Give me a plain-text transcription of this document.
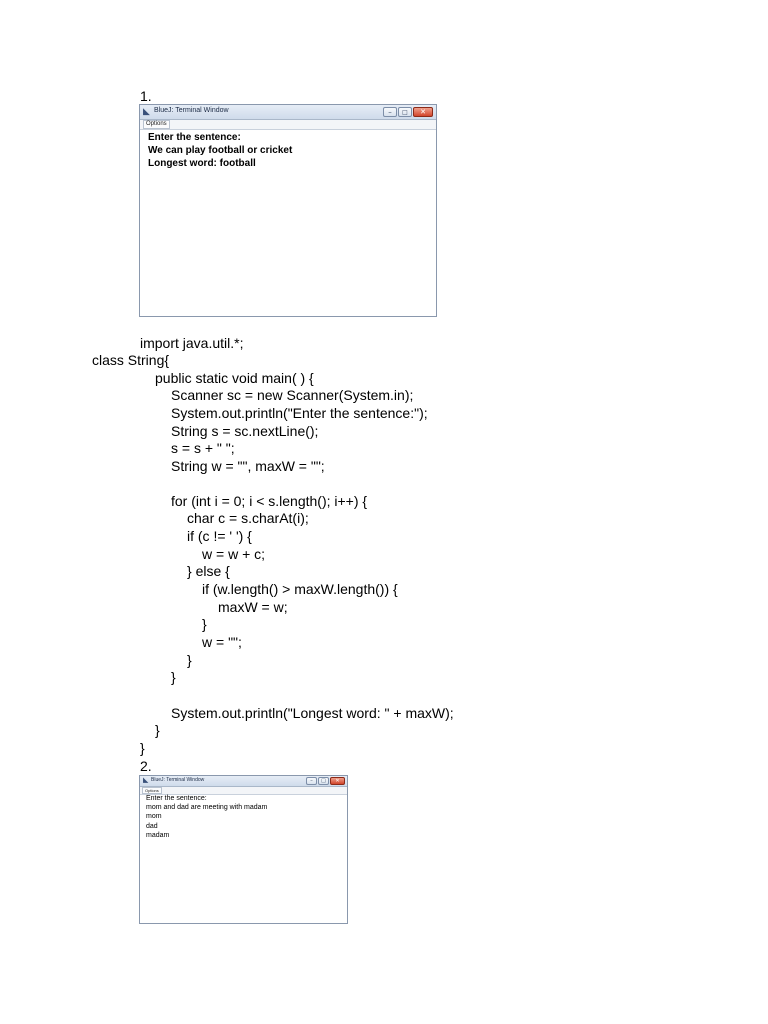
1.
◣ BlueJ: Terminal Window	–	□	✕
Options
Enter the sentence:
We can play football or cricket
Longest word: football
import java.util.*;
class String{
public static void main( ) {
Scanner sc = new Scanner(System.in);
System.out.println("Enter the sentence:");
String s = sc.nextLine();
s = s + " ";
String w = "", maxW = "";
for (int i = 0; i < s.length(); i++) {
char c = s.charAt(i);
if (c != ' ') {
w = w + c;
} else {
if (w.length() > maxW.length()) {
maxW = w;
}
w = "";
}
}
System.out.println("Longest word: " + maxW);
}
}
2.
◣ BlueJ: Terminal Window	–	□	✕
Options
Enter the sentence:
mom and dad are meeting with madam
mom
dad
madam
